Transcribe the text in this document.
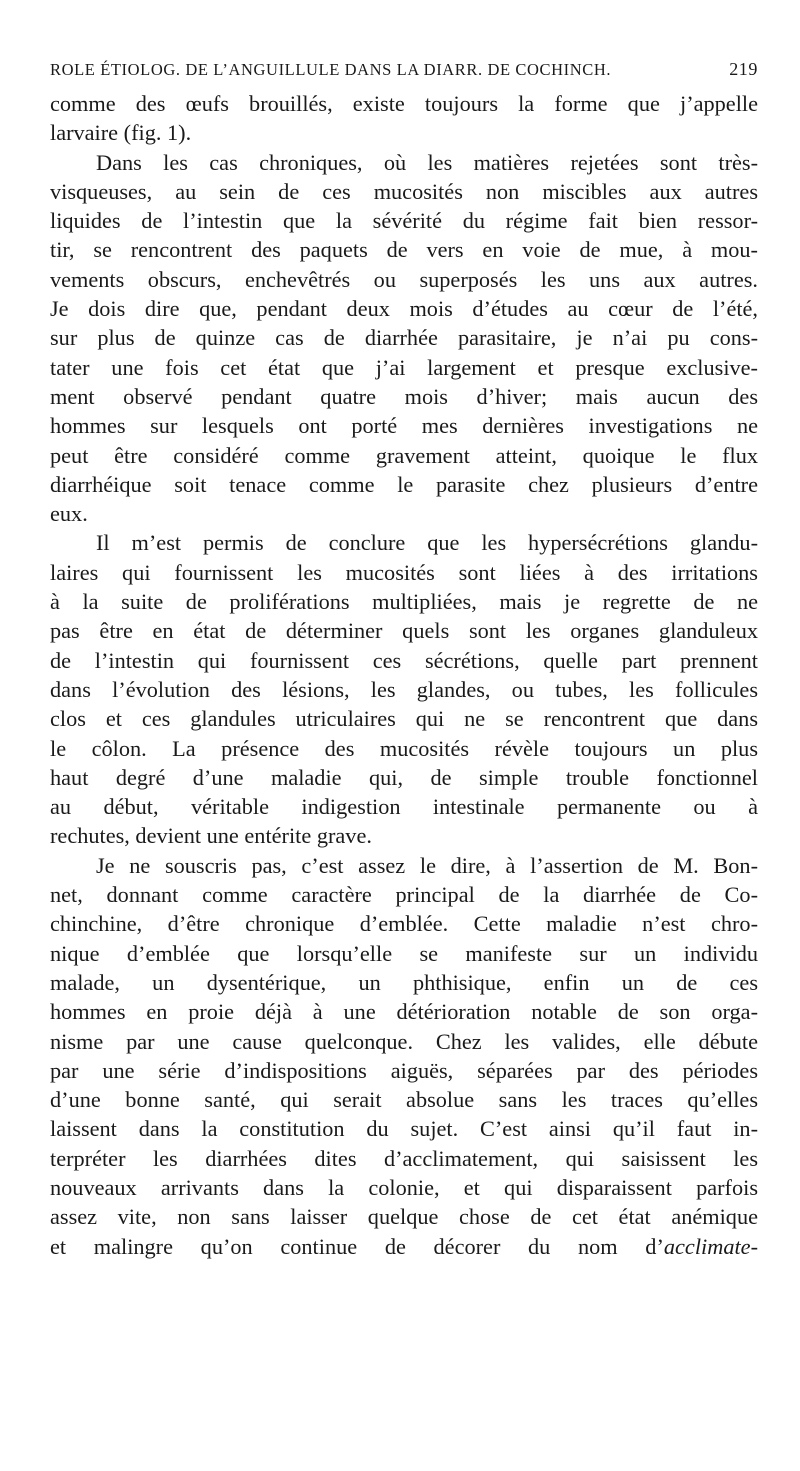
ROLE ÉTIOLOG. DE L’ANGUILLULE DANS LA DIARR. DE COCHINCH.	219
comme des œufs brouillés, existe toujours la forme que j’appelle
larvaire (fig. 1).
Dans les cas chroniques, où les matières rejetées sont très-
visqueuses, au sein de ces mucosités non miscibles aux autres
liquides de l’intestin que la sévérité du régime fait bien ressor-
tir, se rencontrent des paquets de vers en voie de mue, à mou-
vements obscurs, enchevêtrés ou superposés les uns aux autres.
Je dois dire que, pendant deux mois d’études au cœur de l’été,
sur plus de quinze cas de diarrhée parasitaire, je n’ai pu cons-
tater une fois cet état que j’ai largement et presque exclusive-
ment observé pendant quatre mois d’hiver; mais aucun des
hommes sur lesquels ont porté mes dernières investigations ne
peut être considéré comme gravement atteint, quoique le flux
diarrhéique soit tenace comme le parasite chez plusieurs d’entre
eux.
Il m’est permis de conclure que les hypersécrétions glandu-
laires qui fournissent les mucosités sont liées à des irritations
à la suite de proliférations multipliées, mais je regrette de ne
pas être en état de déterminer quels sont les organes glanduleux
de l’intestin qui fournissent ces sécrétions, quelle part prennent
dans l’évolution des lésions, les glandes, ou tubes, les follicules
clos et ces glandules utriculaires qui ne se rencontrent que dans
le côlon. La présence des mucosités révèle toujours un plus
haut degré d’une maladie qui, de simple trouble fonctionnel
au début, véritable indigestion intestinale permanente ou à
rechutes, devient une entérite grave.
Je ne souscris pas, c’est assez le dire, à l’assertion de M. Bon-
net, donnant comme caractère principal de la diarrhée de Co-
chinchine, d’être chronique d’emblée. Cette maladie n’est chro-
nique d’emblée que lorsqu’elle se manifeste sur un individu
malade, un dysentérique, un phthisique, enfin un de ces
hommes en proie déjà à une détérioration notable de son orga-
nisme par une cause quelconque. Chez les valides, elle débute
par une série d’indispositions aiguës, séparées par des périodes
d’une bonne santé, qui serait absolue sans les traces qu’elles
laissent dans la constitution du sujet. C’est ainsi qu’il faut in-
terpréter les diarrhées dites d’acclimatement, qui saisissent les
nouveaux arrivants dans la colonie, et qui disparaissent parfois
assez vite, non sans laisser quelque chose de cet état anémique
et malingre qu’on continue de décorer du nom d’acclimate-
